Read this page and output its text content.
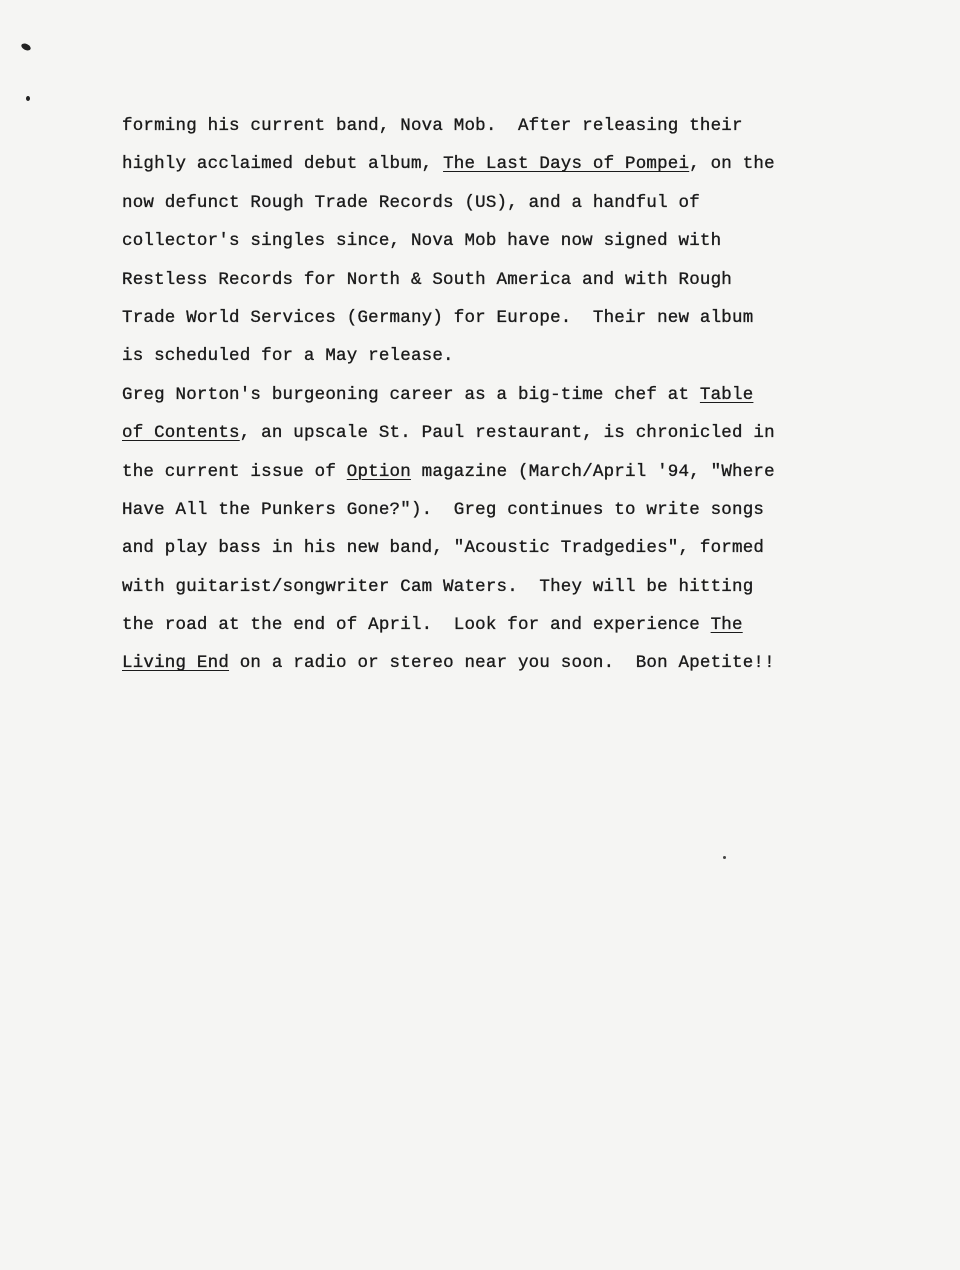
forming his current band, Nova Mob.  After releasing their
highly acclaimed debut album, The Last Days of Pompei, on the
now defunct Rough Trade Records (US), and a handful of
collector's singles since, Nova Mob have now signed with
Restless Records for North & South America and with Rough
Trade World Services (Germany) for Europe.  Their new album
is scheduled for a May release.
Greg Norton's burgeoning career as a big-time chef at Table
of Contents, an upscale St. Paul restaurant, is chronicled in
the current issue of Option magazine (March/April '94, "Where
Have All the Punkers Gone?").  Greg continues to write songs
and play bass in his new band, "Acoustic Tradgedies", formed
with guitarist/songwriter Cam Waters.  They will be hitting
the road at the end of April.  Look for and experience The
Living End on a radio or stereo near you soon.  Bon Apetite!!
